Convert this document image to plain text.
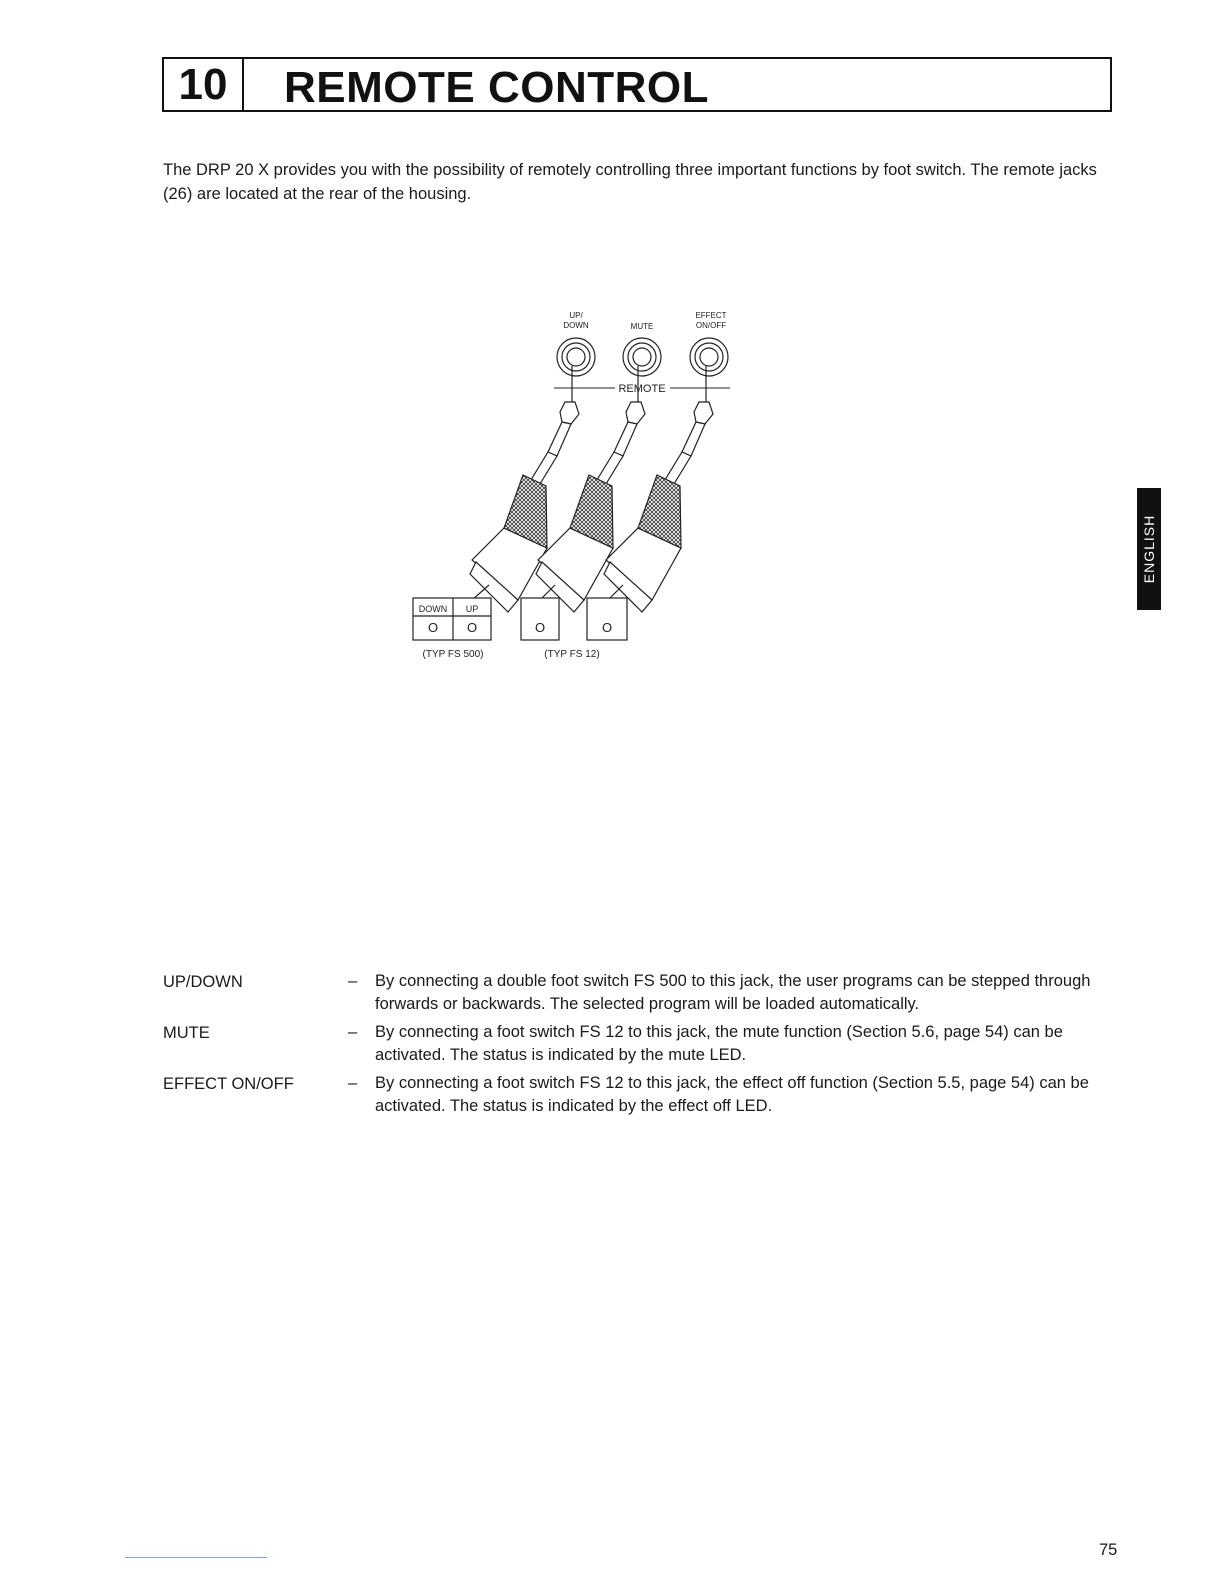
10	REMOTE CONTROL
The DRP 20 X provides you with the possibility of remotely controlling three important functions by foot switch. The remote jacks (26) are located at the rear of the housing.
UP/
DOWN	MUTE
EFFECT
ON/OFF
REMOTE
DOWN UP
O O
(TYP FS 500)
O	O
(TYP FS 12)
ENGLISH
UP/DOWN	– By connecting a double foot switch FS 500 to this jack, the user programs can be stepped through forwards or backwards. The selected program will be loaded automatically.
MUTE	– By connecting a foot switch FS 12 to this jack, the mute function (Section 5.6, page 54) can be activated. The status is indicated by the mute LED.
EFFECT ON/OFF	– By connecting a foot switch FS 12 to this jack, the effect off function (Section 5.5, page 54) can be activated. The status is indicated by the effect off LED.
75
